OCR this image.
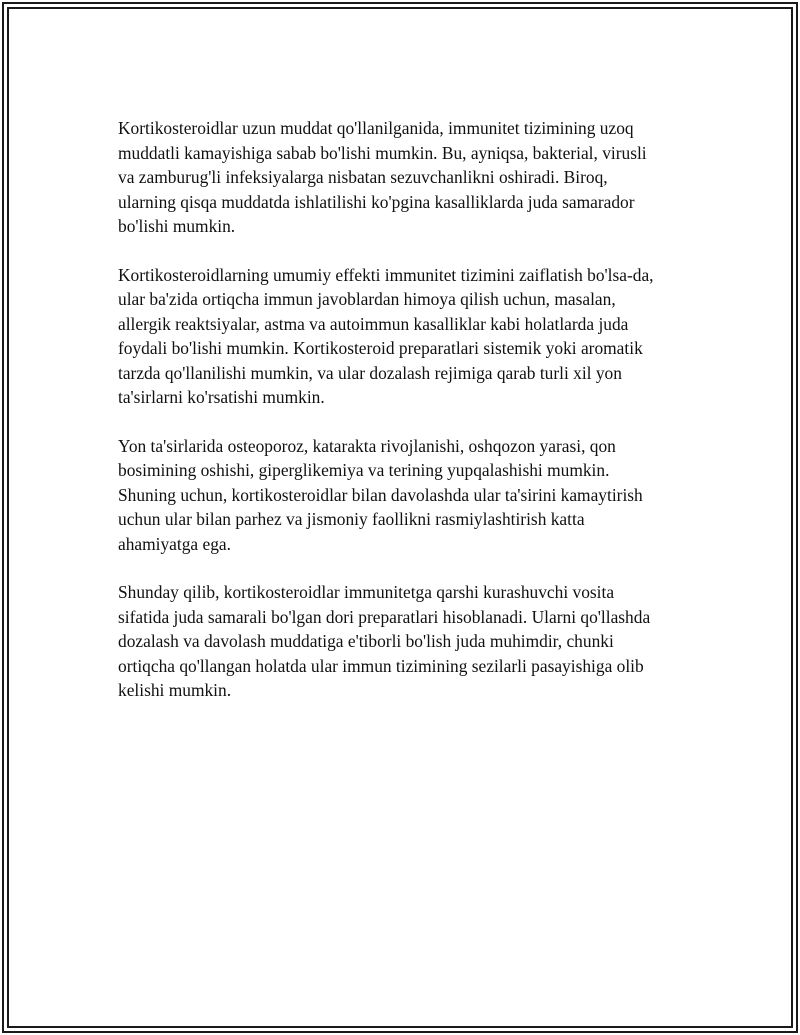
Kortikosteroidlar uzun muddat qo'llanilganida, immunitet tizimining uzoq
muddatli kamayishiga sabab bo'lishi mumkin. Bu, ayniqsa, bakterial, virusli
va zamburug'li infeksiyalarga nisbatan sezuvchanlikni oshiradi. Biroq,
ularning qisqa muddatda ishlatilishi ko'pgina kasalliklarda juda samarador
bo'lishi mumkin.

Kortikosteroidlarning umumiy effekti immunitet tizimini zaiflatish bo'lsa-da,
ular ba'zida ortiqcha immun javoblardan himoya qilish uchun, masalan,
allergik reaktsiyalar, astma va autoimmun kasalliklar kabi holatlarda juda
foydali bo'lishi mumkin. Kortikosteroid preparatlari sistemik yoki aromatik
tarzda qo'llanilishi mumkin, va ular dozalash rejimiga qarab turli xil yon
ta'sirlarni ko'rsatishi mumkin.

Yon ta'sirlarida osteoporoz, katarakta rivojlanishi, oshqozon yarasi, qon
bosimining oshishi, giperglikemiya va terining yupqalashishi mumkin.
Shuning uchun, kortikosteroidlar bilan davolashda ular ta'sirini kamaytirish
uchun ular bilan parhez va jismoniy faollikni rasmiylashtirish katta
ahamiyatga ega.

Shunday qilib, kortikosteroidlar immunitetga qarshi kurashuvchi vosita
sifatida juda samarali bo'lgan dori preparatlari hisoblanadi. Ularni qo'llashda
dozalash va davolash muddatiga e'tiborli bo'lish juda muhimdir, chunki
ortiqcha qo'llangan holatda ular immun tizimining sezilarli pasayishiga olib
kelishi mumkin.
